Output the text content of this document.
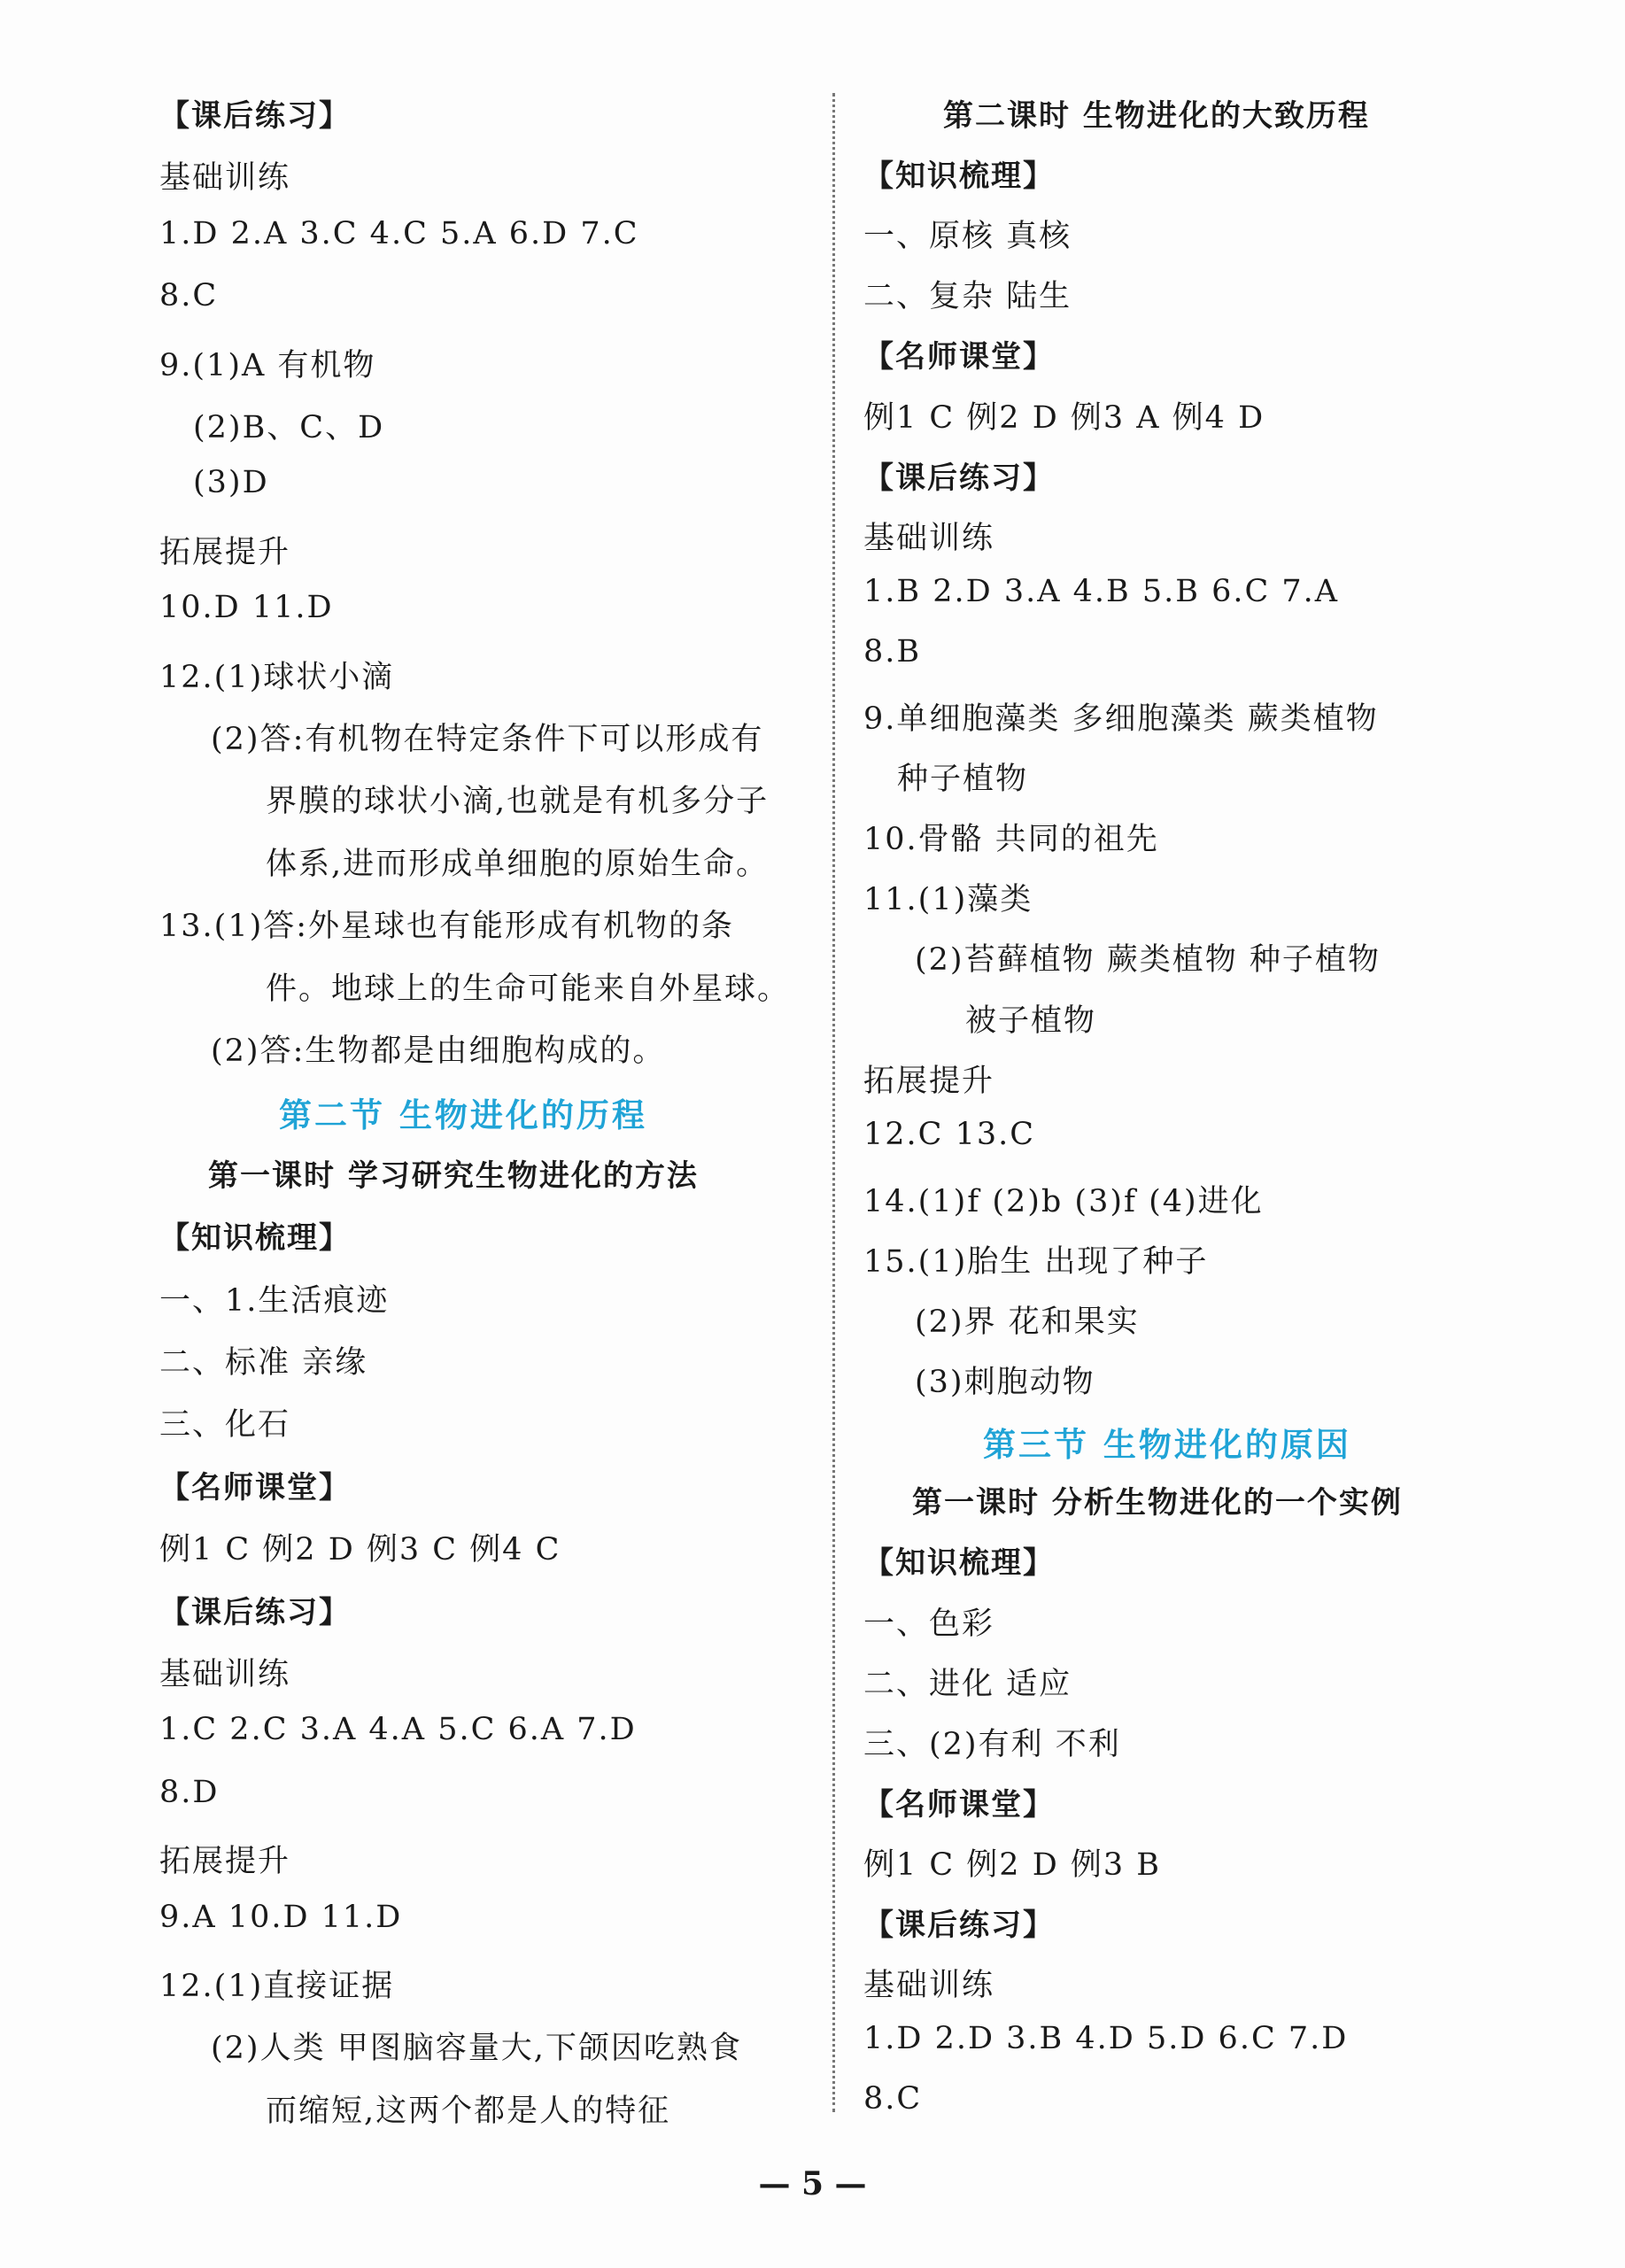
【课后练习】
基础训练
1.D 2.A 3.C 4.C 5.A 6.D 7.C
8.C
9.(1)A 有机物
(2)B、C、D
(3)D
拓展提升
10.D 11.D
12.(1)球状小滴
(2)答:有机物在特定条件下可以形成有
界膜的球状小滴,也就是有机多分子
体系,进而形成单细胞的原始生命。
13.(1)答:外星球也有能形成有机物的条
件。地球上的生命可能来自外星球。
(2)答:生物都是由细胞构成的。
第二节 生物进化的历程
第一课时 学习研究生物进化的方法
【知识梳理】
一、1.生活痕迹
二、标准 亲缘
三、化石
【名师课堂】
例1 C 例2 D 例3 C 例4 C
【课后练习】
基础训练
1.C 2.C 3.A 4.A 5.C 6.A 7.D
8.D
拓展提升
9.A 10.D 11.D
12.(1)直接证据
(2)人类 甲图脑容量大,下颌因吃熟食
而缩短,这两个都是人的特征
第二课时 生物进化的大致历程
【知识梳理】
一、原核 真核
二、复杂 陆生
【名师课堂】
例1 C 例2 D 例3 A 例4 D
【课后练习】
基础训练
1.B 2.D 3.A 4.B 5.B 6.C 7.A
8.B
9.单细胞藻类 多细胞藻类 蕨类植物
种子植物
10.骨骼 共同的祖先
11.(1)藻类
(2)苔藓植物 蕨类植物 种子植物
被子植物
拓展提升
12.C 13.C
14.(1)f (2)b (3)f (4)进化
15.(1)胎生 出现了种子
(2)界 花和果实
(3)刺胞动物
第三节 生物进化的原因
第一课时 分析生物进化的一个实例
【知识梳理】
一、色彩
二、进化 适应
三、(2)有利 不利
【名师课堂】
例1 C 例2 D 例3 B
【课后练习】
基础训练
1.D 2.D 3.B 4.D 5.D 6.C 7.D
8.C
— 5 —
